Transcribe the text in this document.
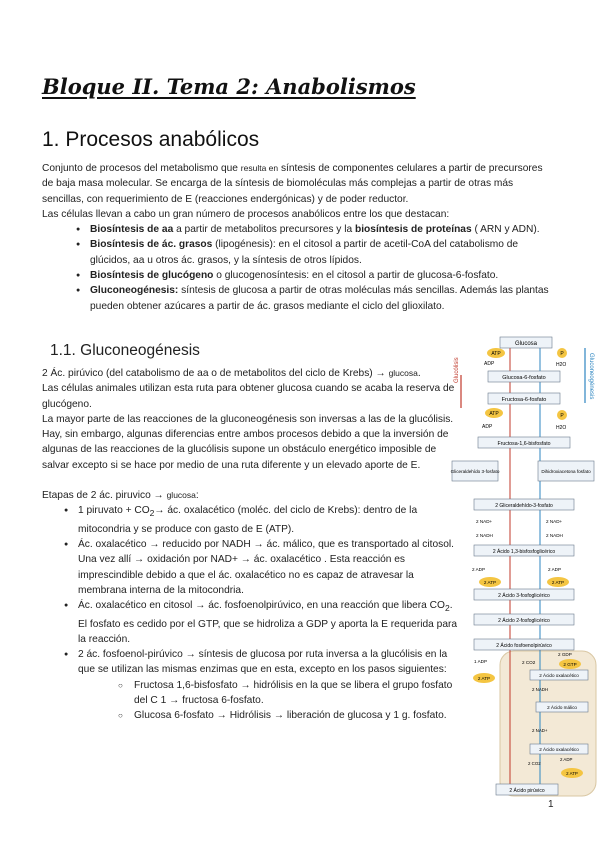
Bloque II. Tema 2: Anabolismos
1. Procesos anabólicos

Conjunto de procesos del metabolismo que resulta en síntesis de componentes celulares a partir de precursores de baja masa molecular. Se encarga de la síntesis de biomoléculas más complejas a partir de otras más sencillas, con requerimiento de E (reacciones endergónicas) y de poder reductor.

Las células llevan a cabo un gran número de procesos anabólicos entre los que destacan:

● Biosíntesis de aa a partir de metabolitos precursores y la biosíntesis de proteínas ( ARN y ADN).
● Biosíntesis de ác. grasos (lipogénesis): en el citosol a partir de acetil-CoA del catabolismo de glúcidos, aa u otros ác. grasos, y la síntesis de otros lípidos.
● Biosíntesis de glucógeno o glucogenosíntesis: en el citosol a partir de glucosa-6-fosfato.
● Gluconeogénesis: síntesis de glucosa a partir de otras moléculas más sencillas. Además las plantas pueden obtener azúcares a partir de ác. grasos mediante el ciclo del glioxilato.
1.1. Gluconeogénesis

2 Ác. pirúvico (del catabolismo de aa o de metabolitos del ciclo de Krebs) → glucosa.

Las células animales utilizan esta ruta para obtener glucosa cuando se acaba la reserva de glucógeno.

La mayor parte de las reacciones de la gluconeogénesis son inversas a las de la glucólisis. Hay, sin embargo, algunas diferencias entre ambos procesos debido a que la inversión de algunas de las reacciones de la glucólisis supone un obstáculo energético imposible de salvar excepto si se hace por medio de una ruta diferente y un elevado aporte de E.

Etapas de 2 ác. piruvico → glucosa:

● 1 piruvato + $CO_2\to$ ác. oxalacético (moléc. del ciclo de Krebs): dentro de la mitocondria y se produce con gasto de E (ATP).
● Ác. oxalacético → reducido por NADH → ác. málico, que es transportado al citosol. Una vez allí → oxidación por NAD+ → ác. oxalacético . Esta reacción es imprescindible debido a que el ác. oxalacético no es capaz de atravesar la membrana interna de la mitocondria.
● Ác. oxalacético en citosol → ác. fosfoenolpirúvico, en una reacción que libera $CO_2$. El fosfato es cedido por el GTP, que se hidroliza a GDP y aporta la E requerida para la reacción.
● 2 ác. fosfoenol-pirúvico → síntesis de glucosa por ruta inversa a la glucólisis en la que se utilizan las mismas enzimas que en esta, excepto en los pasos siguientes:
○ Fructosa 1,6-bisfosfato → hidrólisis en la que se libera el grupo fosfato del C 1 → fructosa 6-fosfato.
○ Glucosa 6-fosfato → Hidrólisis → liberación de glucosa y 1 g. fosfato.
Glucólisis	Gluconeogénesis
Glucosa
Glucosa-6-fosfato
Fructosa-6-fosfato
Fructosa-1,6-bisfosfato
Gliceraldehído 3-fosfato	Dihidroxiacetona fosfato
2 Gliceraldehído-3-fosfato
2 Ácido 1,3-bisfosfoglicérico
2 Ácido 3-fosfoglicérico
2 Ácido 2-fosfoglicérico
2 Ácido fosfoenolpirúvico
2 Ácido oxalacético
2 Ácido málico
2 Ácido oxalacético
2 Ácido pirúvico
ATP
ADP
P
H2O
ATP
ADP
P
H2O
2 NAD+
2 NADH
2 NAD+
2 NADH
2 ADP
2 ATP
2 ADP
2 ATP
1 ADP
2 ATP
2 GDP
2 GTP
2 CO2
2 NADH
2 NAD+
2 CO2
2 ADP
2 ATP
1
